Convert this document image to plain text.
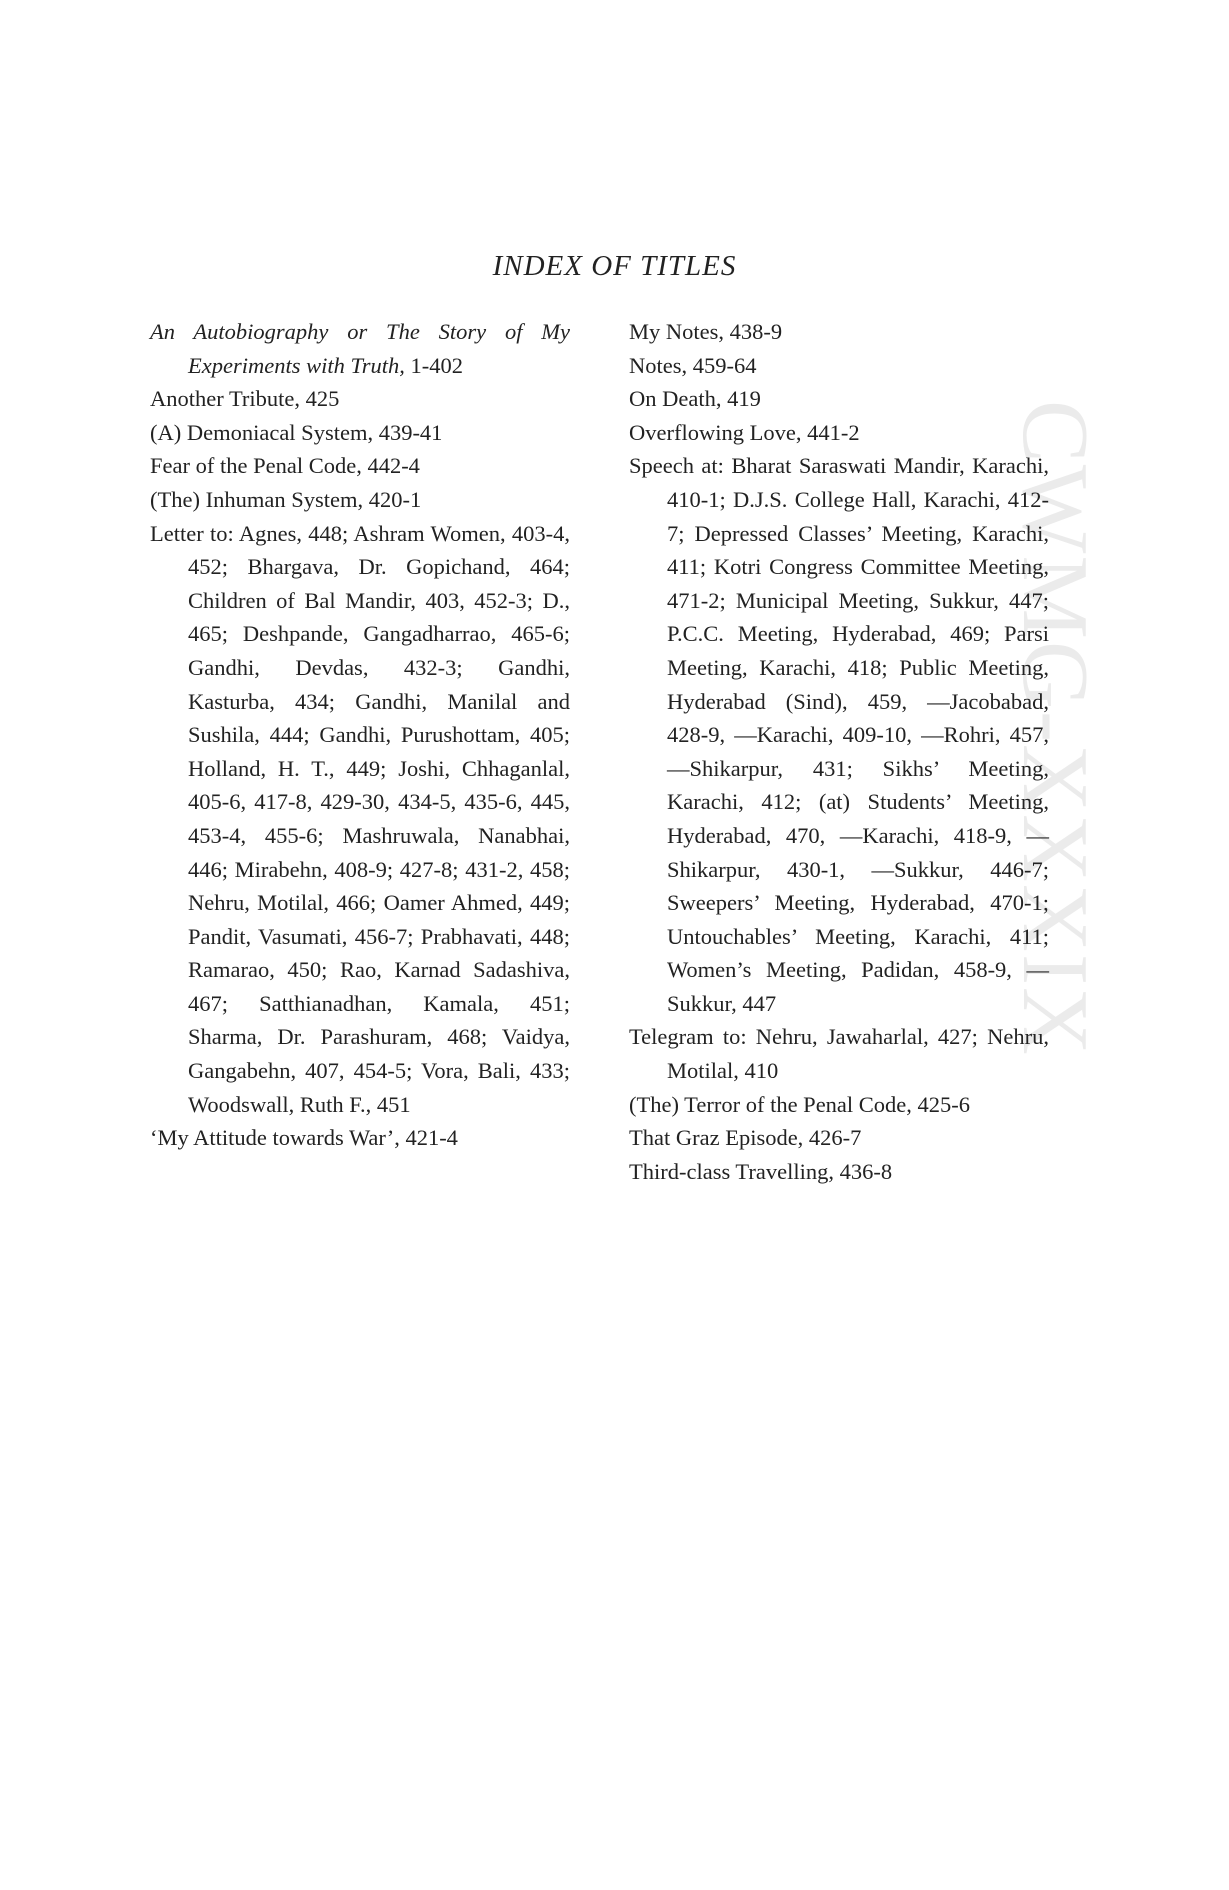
CWMG-XXXIX
INDEX OF TITLES

An Autobiography or The Story of My Experiments with Truth, 1-402

Another Tribute, 425

(A) Demoniacal System, 439-41

Fear of the Penal Code, 442-4

(The) Inhuman System, 420-1

Letter to: Agnes, 448; Ashram Women, 403-4, 452; Bhargava, Dr. Gopichand, 464; Children of Bal Mandir, 403, 452-3; D., 465; Deshpande, Gangadharrao, 465-6; Gandhi, Devdas, 432-3; Gandhi, Kasturba, 434; Gandhi, Manilal and Sushila, 444; Gandhi, Purushottam, 405; Holland, H. T., 449; Joshi, Chhaganlal, 405-6, 417-8, 429-30, 434-5, 435-6, 445, 453-4, 455-6; Mashruwala, Nanabhai, 446; Mirabehn, 408-9; 427-8; 431-2, 458; Nehru, Motilal, 466; Oamer Ahmed, 449; Pandit, Vasumati, 456-7; Prabhavati, 448; Ramarao, 450; Rao, Karnad Sadashiva, 467; Satthianadhan, Kamala, 451; Sharma, Dr. Parashuram, 468; Vaidya, Gangabehn, 407, 454-5; Vora, Bali, 433; Woodswall, Ruth F., 451

‘My Attitude towards War’, 421-4

My Notes, 438-9

Notes, 459-64

On Death, 419

Overflowing Love, 441-2

Speech at: Bharat Saraswati Mandir, Karachi, 410-1; D.J.S. College Hall, Karachi, 412-7; Depressed Classes’ Meeting, Karachi, 411; Kotri Congress Committee Meeting, 471-2; Municipal Meeting, Sukkur, 447; P.C.C. Meeting, Hyderabad, 469; Parsi Meeting, Karachi, 418; Public Meeting, Hyderabad (Sind), 459, —Jacobabad, 428-9, —Karachi, 409-10, —Rohri, 457, —Shikarpur, 431; Sikhs’ Meeting, Karachi, 412; (at) Students’ Meeting, Hyderabad, 470, —Karachi, 418-9, —Shikarpur, 430-1, —Sukkur, 446-7; Sweepers’ Meeting, Hyderabad, 470-1; Untouchables’ Meeting, Karachi, 411; Women’s Meeting, Padidan, 458-9, —Sukkur, 447

Telegram to: Nehru, Jawaharlal, 427; Nehru, Motilal, 410

(The) Terror of the Penal Code, 425-6

That Graz Episode, 426-7

Third-class Travelling, 436-8
